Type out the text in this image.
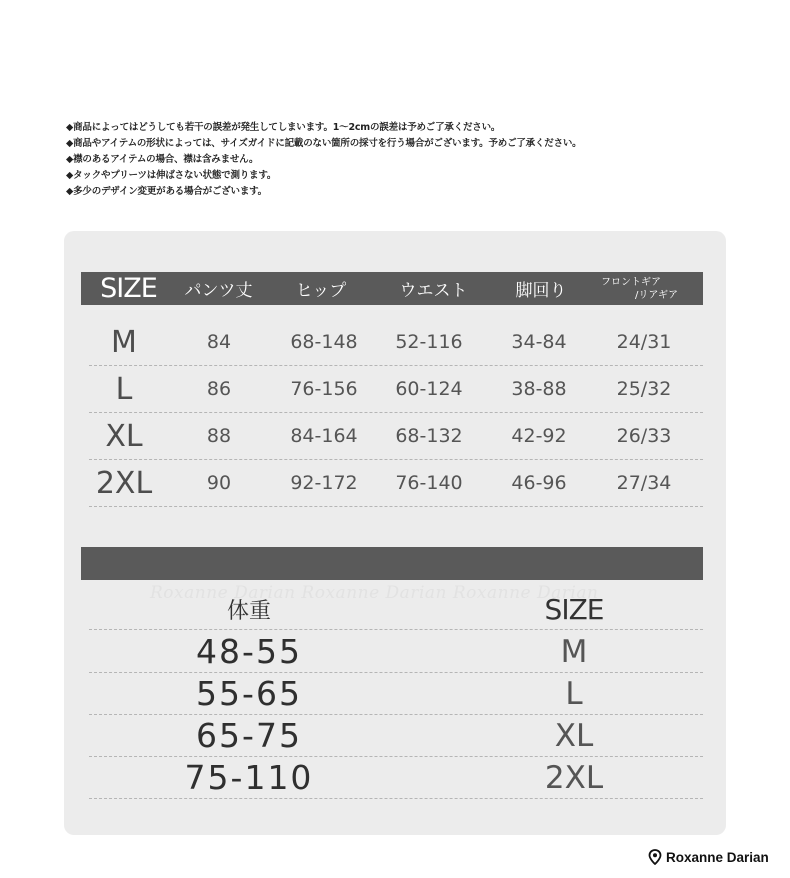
◆商品によってはどうしても若干の誤差が発生してしまいます。1～2cmの誤差は予めご了承ください。
◆商品やアイテムの形状によっては、サイズガイドに記載のない箇所の採寸を行う場合がございます。予めご了承ください。
◆襟のあるアイテムの場合、襟は含みません。
◆タックやプリーツは伸ばさない状態で測ります。
◆多少のデザイン変更がある場合がございます。
SIZE	パンツ丈	ヒップ	ウエスト	脚回り	フロントギア
/リアギア
M	84	68-148	52-116	34-84	24/31
L	86	76-156	60-124	38-88	25/32
XL	88	84-164	68-132	42-92	26/33
2XL	90	92-172	76-140	46-96	27/34
Roxanne Darian Roxanne Darian Roxanne Darian
体重	SIZE
48-55	M
55-65	L
65-75	XL
75-110	2XL
Roxanne Darian
